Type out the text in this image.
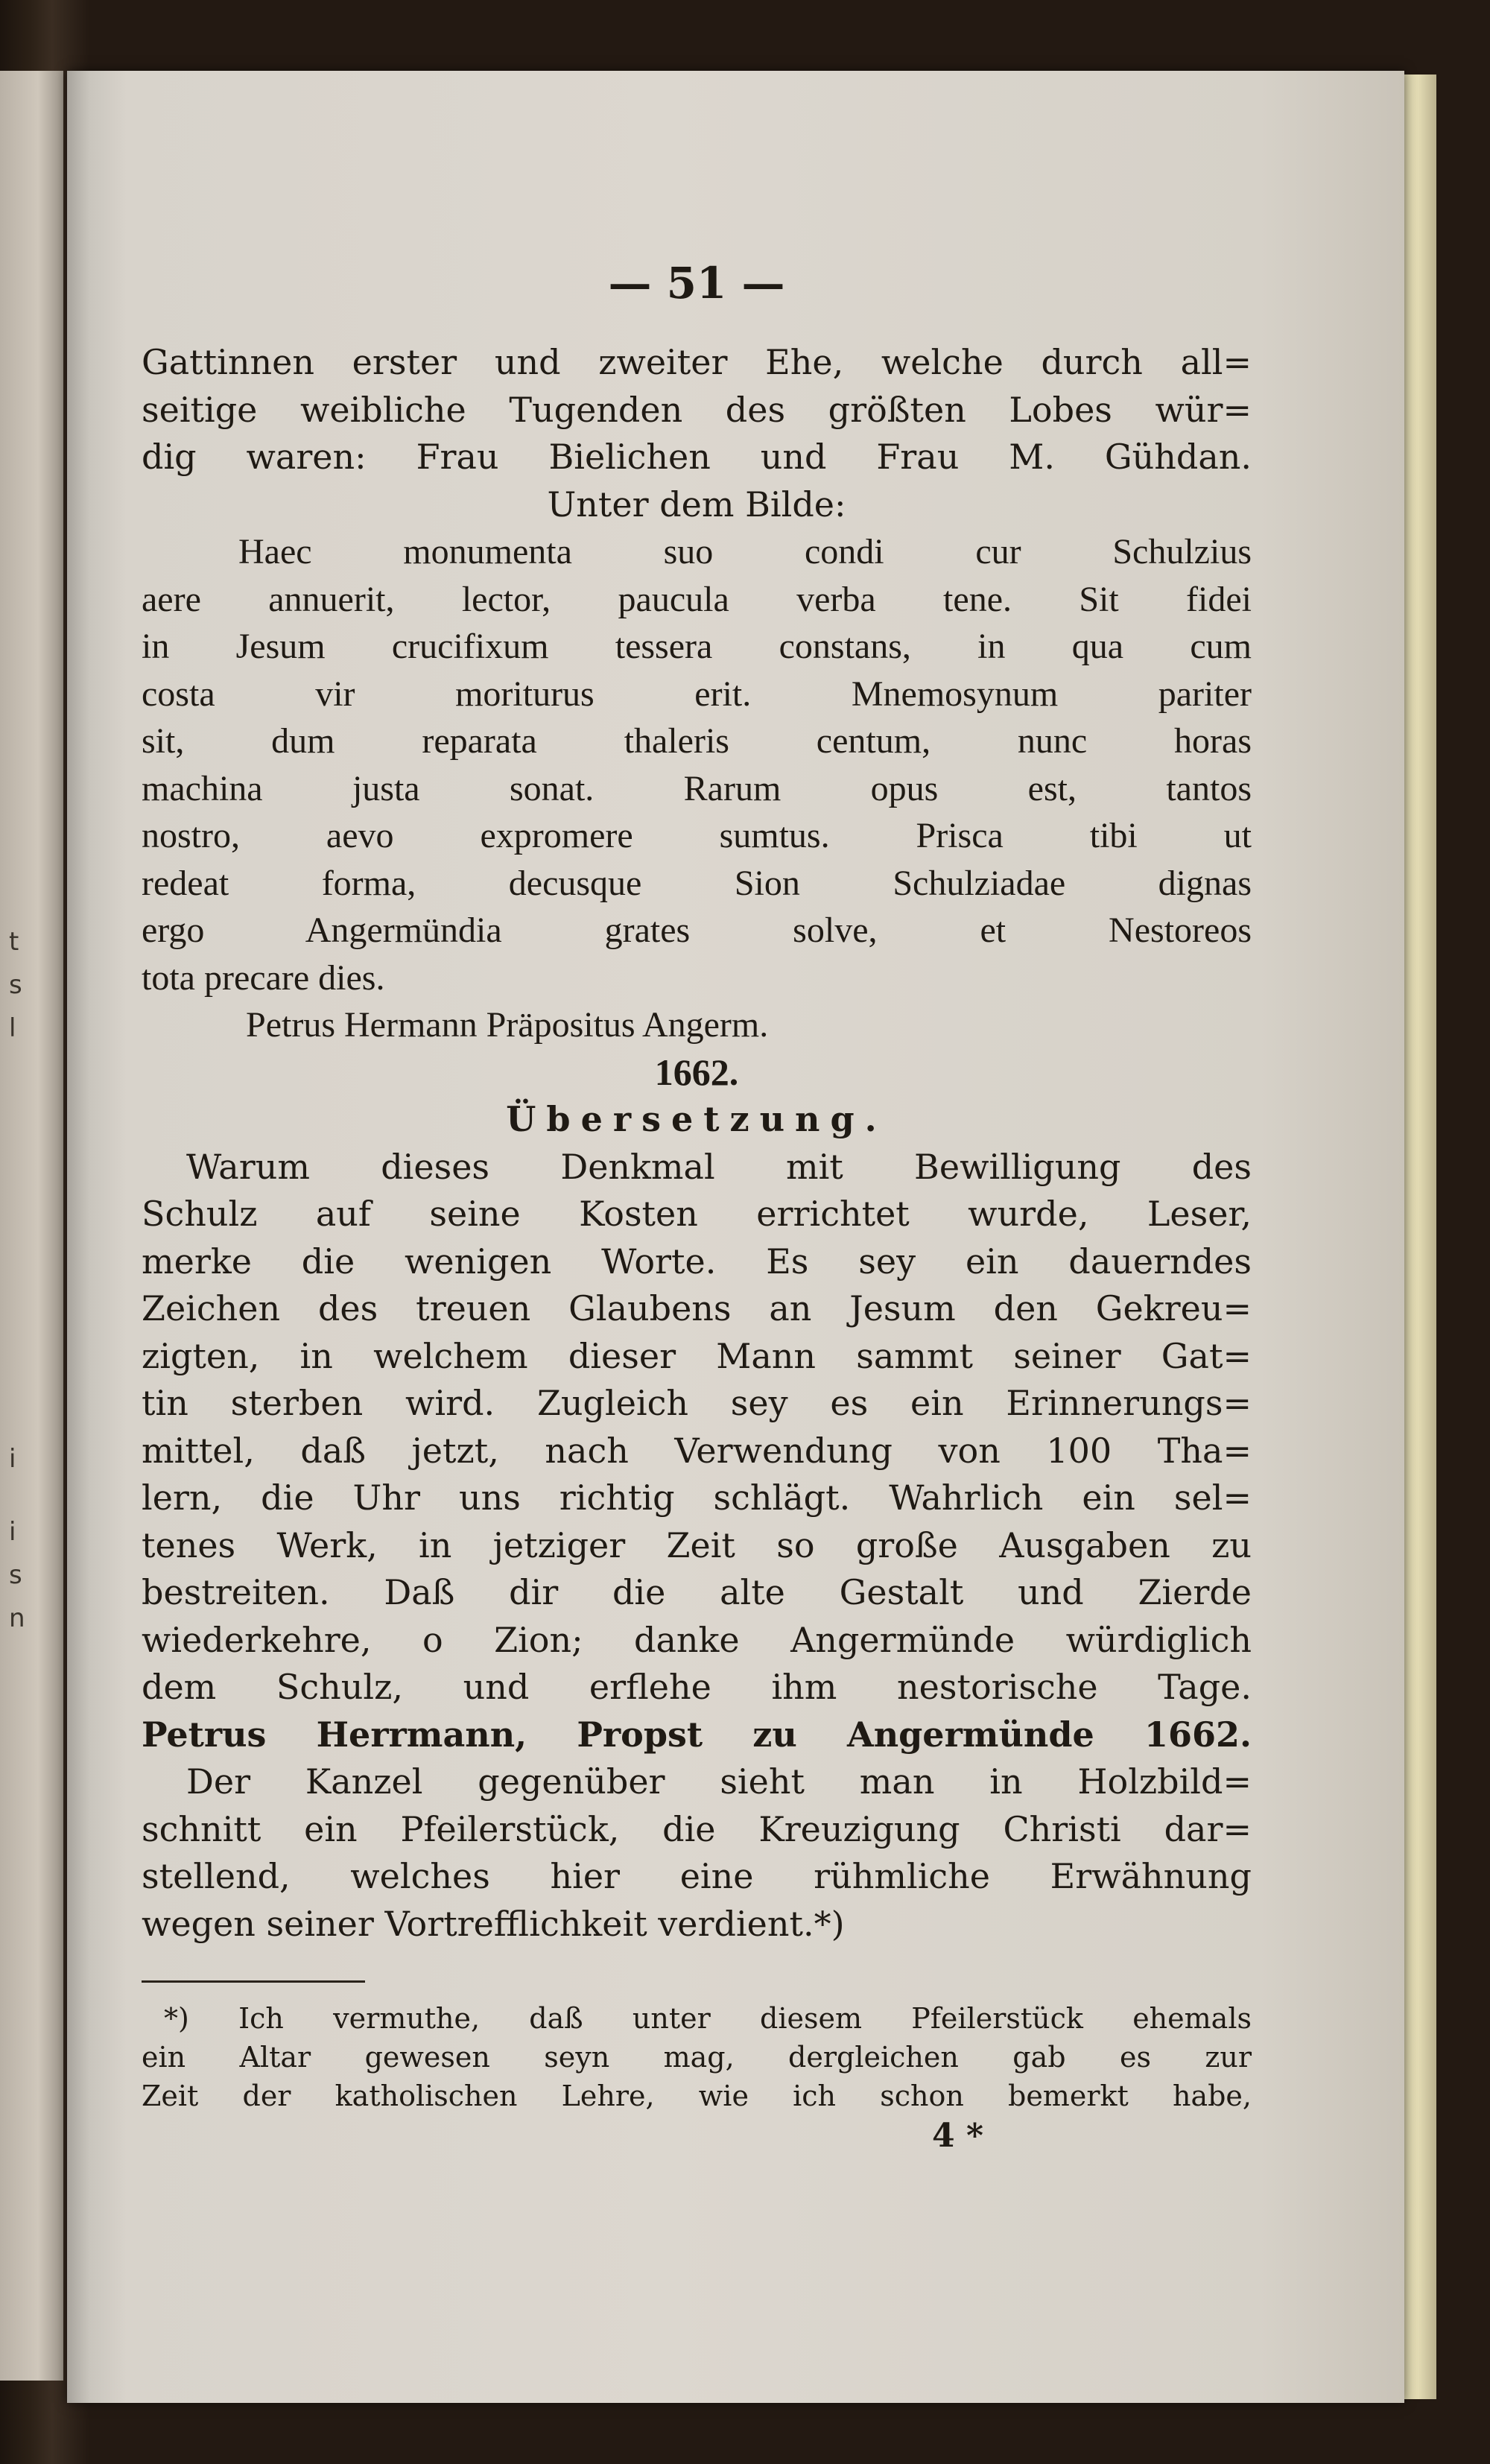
t
s
l
i
i
s
n
— 51 —
Gattinnen erster und zweiter Ehe, welche durch all=
seitige weibliche Tugenden des größten Lobes wür=
dig waren: Frau Bielichen und Frau M. Gühdan.
Unter dem Bilde:
Haec monumenta suo condi cur Schulzius
aere annuerit, lector, paucula verba tene. Sit fidei
in Jesum crucifixum tessera constans, in qua cum
costa vir moriturus erit. Mnemosynum pariter
sit, dum reparata thaleris centum, nunc horas
machina justa sonat. Rarum opus est, tantos
nostro, aevo expromere sumtus. Prisca tibi ut
redeat forma, decusque Sion Schulziadae dignas
ergo Angermündia grates solve, et Nestoreos
tota precare dies.
Petrus Hermann Präpositus Angerm.
1662.
Übersetzung.
Warum dieses Denkmal mit Bewilligung des
Schulz auf seine Kosten errichtet wurde, Leser,
merke die wenigen Worte. Es sey ein dauerndes
Zeichen des treuen Glaubens an Jesum den Gekreu=
zigten, in welchem dieser Mann sammt seiner Gat=
tin sterben wird. Zugleich sey es ein Erinnerungs=
mittel, daß jetzt, nach Verwendung von 100 Tha=
lern, die Uhr uns richtig schlägt. Wahrlich ein sel=
tenes Werk, in jetziger Zeit so große Ausgaben zu
bestreiten. Daß dir die alte Gestalt und Zierde
wiederkehre, o Zion; danke Angermünde würdiglich
dem Schulz, und erflehe ihm nestorische Tage.
Petrus Herrmann, Propst zu Angermünde 1662.
Der Kanzel gegenüber sieht man in Holzbild=
schnitt ein Pfeilerstück, die Kreuzigung Christi dar=
stellend, welches hier eine rühmliche Erwähnung
wegen seiner Vortrefflichkeit verdient.*)
*) Ich vermuthe, daß unter diesem Pfeilerstück ehemals
ein Altar gewesen seyn mag, dergleichen gab es zur
Zeit der katholischen Lehre, wie ich schon bemerkt habe,
4 *
